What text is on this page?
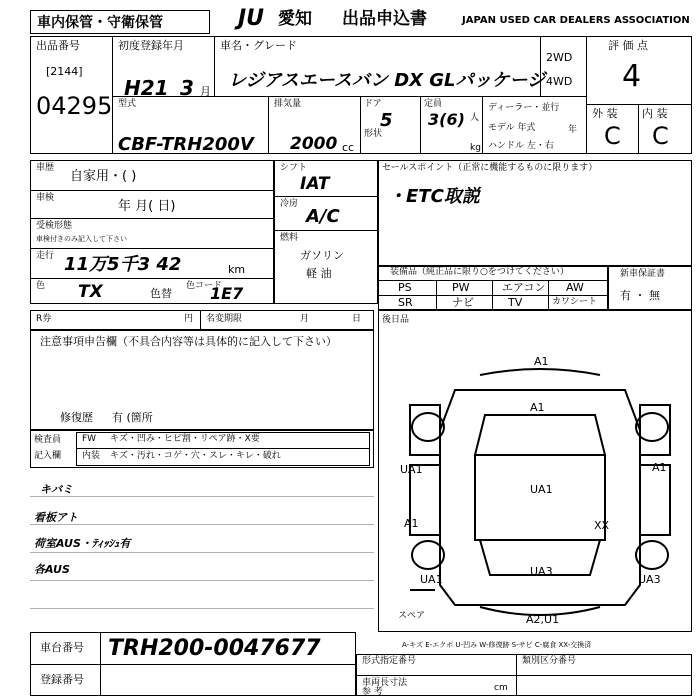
車内保管・守衛保管	JU 愛知 出品申込書	JAPAN USED CAR DEALERS ASSOCIATION
出品番号
[2144]
04295
初度登録年月
H21 3 月
車名・グレード
レジアスエースバン DX GLパッケージ
2WD
4WD
評 価 点
4
型式
CBF-TRH200V
排気量
2000 cc
ドア
5
形状
定員
3(6) 人
kg
ディーラー・並行
モデル 年式	年
ハンドル 左・右
外 装 内 装
C C
車歴
自家用・( )
車検
年 月( 日)
受検形態
車検付きのみ記入して下さい
走行 11万5千3 42	km
色 TX	色替
色コード
1E7
シフト
IAT
冷房
A/C
燃料
ガソリン
軽 油
セールスポイント（正常に機能するものに限ります）
・ETC取説
装備品（純正品に限り○をつけてください）
PS	PW	エアコン AW
SR	ナビ	TV	カワシート
新車保証書
有 ・ 無
R券	円 名変期限	月	日 後日品
注意事項申告欄（不具合内容等は具体的に記入して下さい）
修復歴 有 (箇所
検査員
記入欄
FW キズ・凹み・ヒビ割・リペア跡・X要
内装 キズ・汚れ・コゲ・穴・スレ・キレ・破れ
キバミ
看板アト
荷室AUS・ﾃｨｯｼｭ有
各AUS
A1
A1
UA1	A1
UA1
A1	XX
UA1	UA3
UA3
A2,U1
スペア
A-キズ E-エクボ U-凹み W-修復跡 S-サビ C-腐食 XX-交換済
車台番号 TRH200-0047677
登録番号
形式指定番号	類別区分番号
車両長寸法
参 考	cm
